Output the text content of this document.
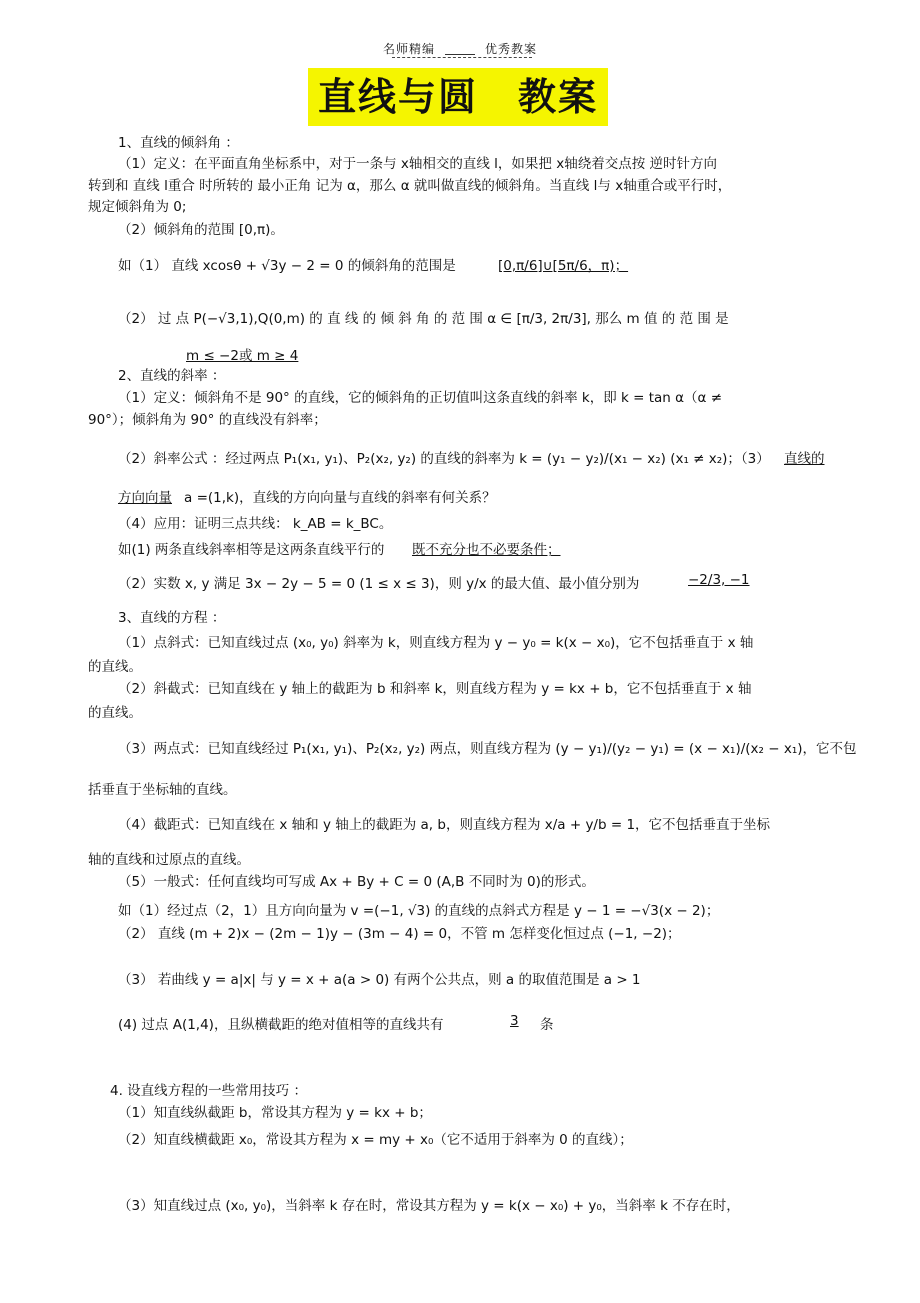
名师精编	优秀教案
直线与圆　教案
1、直线的倾斜角 ：
（1）定义：在平面直角坐标系中，对于一条与 x轴相交的直线 l，如果把 x轴绕着交点按 逆时针方向
转到和 直线 l重合 时所转的 最小正角 记为 α，那么 α 就叫做直线的倾斜角。当直线 l与 x轴重合或平行时，
规定倾斜角为 0;
（2）倾斜角的范围 [0,π)。
如（1） 直线 xcosθ + √3y − 2 = 0 的倾斜角的范围是	[0,π/6]∪[5π/6，π)；
（2） 过 点 P(−√3,1),Q(0,m) 的 直 线 的 倾 斜 角 的 范 围 α ∈ [π/3, 2π/3], 那么 m 值 的 范 围 是
m ≤ −2或 m ≥ 4
2、直线的斜率 ：
（1）定义：倾斜角不是 90° 的直线，它的倾斜角的正切值叫这条直线的斜率 k，即 k = tan α（α ≠
90°）；倾斜角为 90° 的直线没有斜率；
（2）斜率公式 ：经过两点 P₁(x₁, y₁)、P₂(x₂, y₂) 的直线的斜率为 k = (y₁ − y₂)/(x₁ − x₂) (x₁ ≠ x₂)；（3） 直线的
方向向量 a =(1,k)，直线的方向向量与直线的斜率有何关系？
（4）应用：证明三点共线： k_AB = k_BC。
如(1) 两条直线斜率相等是这两条直线平行的 既不充分也不必要条件；
（2）实数 x, y 满足 3x − 2y − 5 = 0 (1 ≤ x ≤ 3)，则 y/x 的最大值、最小值分别为	−2/3, −1
3、直线的方程 ：
（1）点斜式：已知直线过点 (x₀, y₀) 斜率为 k，则直线方程为 y − y₀ = k(x − x₀)，它不包括垂直于 x 轴
的直线。
（2）斜截式：已知直线在 y 轴上的截距为 b 和斜率 k，则直线方程为 y = kx + b，它不包括垂直于 x 轴
的直线。
（3）两点式：已知直线经过 P₁(x₁, y₁)、P₂(x₂, y₂) 两点，则直线方程为 (y − y₁)/(y₂ − y₁) = (x − x₁)/(x₂ − x₁)，它不包
括垂直于坐标轴的直线。
（4）截距式：已知直线在 x 轴和 y 轴上的截距为 a, b，则直线方程为 x/a + y/b = 1，它不包括垂直于坐标
轴的直线和过原点的直线。
（5）一般式：任何直线均可写成 Ax + By + C = 0 (A,B 不同时为 0)的形式。
如（1）经过点（2，1）且方向向量为 v =(−1, √3) 的直线的点斜式方程是 y − 1 = −√3(x − 2)；
（2） 直线 (m + 2)x − (2m − 1)y − (3m − 4) = 0，不管 m 怎样变化恒过点 (−1, −2)；
（3） 若曲线 y = a|x| 与 y = x + a(a > 0) 有两个公共点，则 a 的取值范围是 a > 1
(4) 过点 A(1,4)，且纵横截距的绝对值相等的直线共有	3 条
4. 设直线方程的一些常用技巧 ：
（1）知直线纵截距 b，常设其方程为 y = kx + b；
（2）知直线横截距 x₀，常设其方程为 x = my + x₀（它不适用于斜率为 0 的直线）；
（3）知直线过点 (x₀, y₀)，当斜率 k 存在时，常设其方程为 y = k(x − x₀) + y₀，当斜率 k 不存在时，
